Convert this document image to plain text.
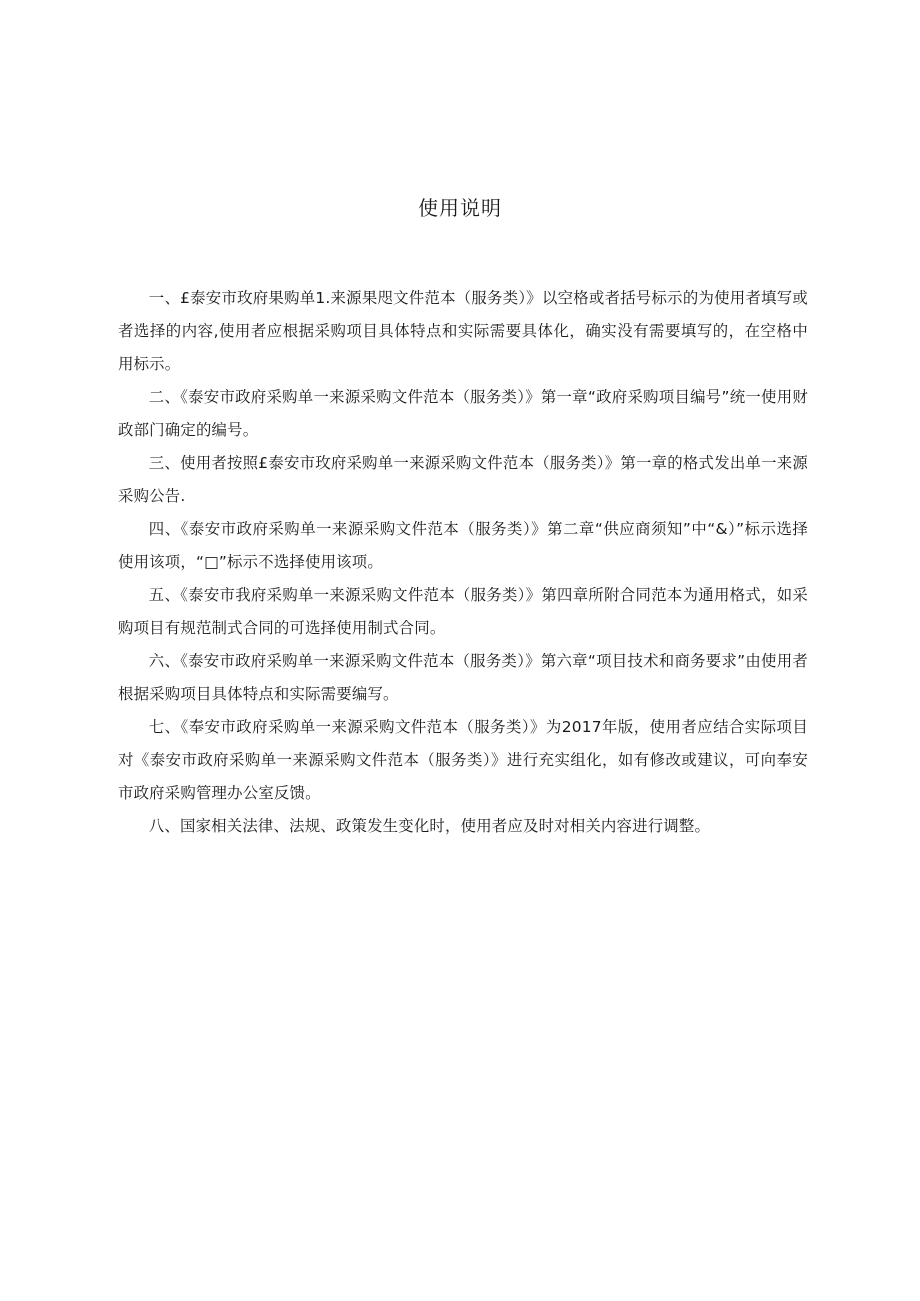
使用说明

一、£泰安市玫府果购单1.来源果咫文件范本（服务类）》以空格或者括号标示的为使用者填写或者选择的内容,使用者应根据采购项目具体特点和实际需要具体化，确实没有需要填写的，在空格中用标示。

二、《泰安市政府采购单一来源采购文件范本（服务类）》第一章“政府采购项目编号”统一使用财政部门确定的编号。

三、使用者按照£泰安市玫府采购单一来源采购文件范本（服务类）》第一章的格式发出单一来源采购公告.

四、《泰安市政府采购单一来源采购文件范本（服务类）》第二章“供应商须知”中“&）”标示选择使用该项，“□”标示不选择使用该项。

五、《泰安市我府采购单一来源采购文件范本（服务类）》第四章所附合同范本为通用格式，如采购项目有规范制式合同的可选择使用制式合同。

六、《泰安市政府采购单一来源采购文件范本（服务类）》第六章“项目技术和商务要求”由使用者根据采购项目具体特点和实际需要编写。

七、《奉安市政府采购单一来源采购文件范本（服务类）》为2017年版，使用者应结合实际项目对《泰安市政府采购单一来源采购文件范本（服务类）》进行充实组化，如有修改或建议，可向奉安市政府采购管理办公室反馈。

八、国家相关法律、法规、政策发生变化时，使用者应及时对相关内容进行调整。
